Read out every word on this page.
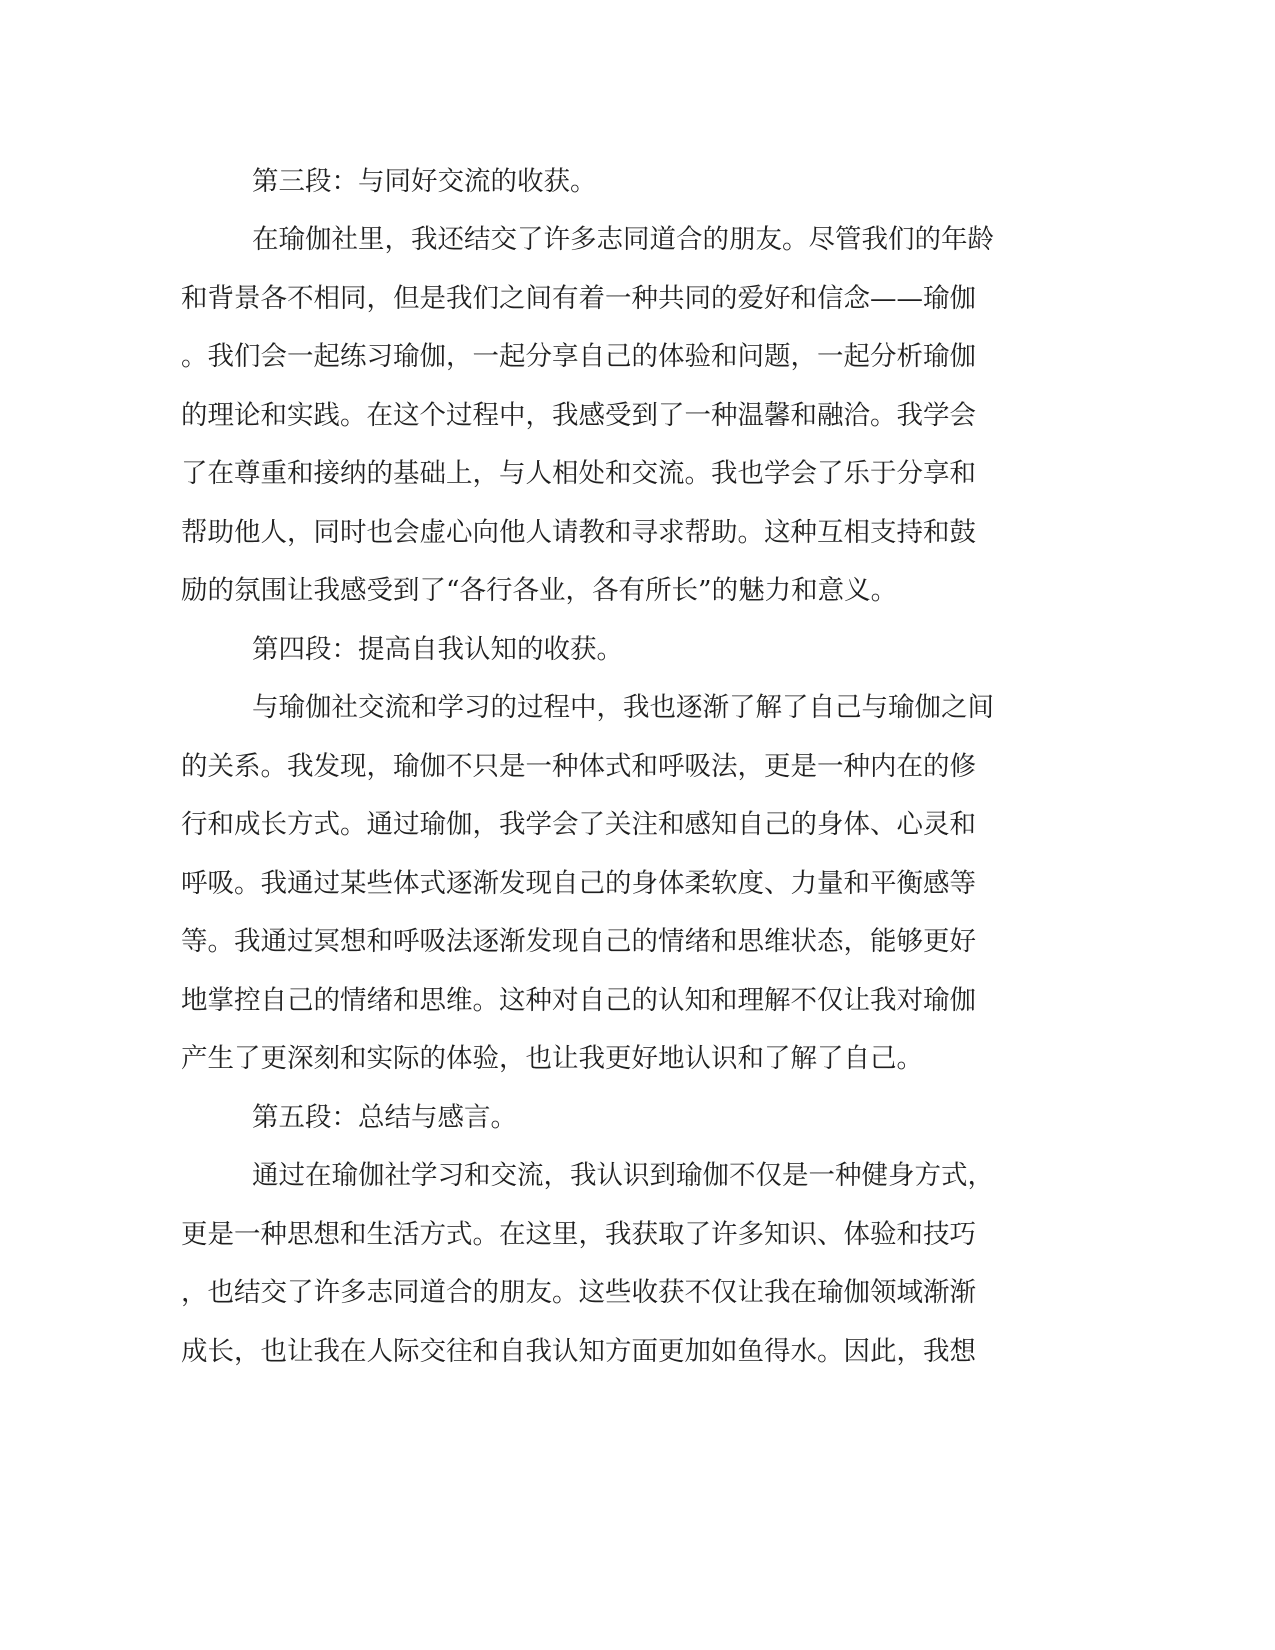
第三段：与同好交流的收获。
在瑜伽社里，我还结交了许多志同道合的朋友。尽管我们的年龄
和背景各不相同，但是我们之间有着一种共同的爱好和信念——瑜伽
。我们会一起练习瑜伽，一起分享自己的体验和问题，一起分析瑜伽
的理论和实践。在这个过程中，我感受到了一种温馨和融洽。我学会
了在尊重和接纳的基础上，与人相处和交流。我也学会了乐于分享和
帮助他人，同时也会虚心向他人请教和寻求帮助。这种互相支持和鼓
励的氛围让我感受到了“各行各业，各有所长”的魅力和意义。
第四段：提高自我认知的收获。
与瑜伽社交流和学习的过程中，我也逐渐了解了自己与瑜伽之间
的关系。我发现，瑜伽不只是一种体式和呼吸法，更是一种内在的修
行和成长方式。通过瑜伽，我学会了关注和感知自己的身体、心灵和
呼吸。我通过某些体式逐渐发现自己的身体柔软度、力量和平衡感等
等。我通过冥想和呼吸法逐渐发现自己的情绪和思维状态，能够更好
地掌控自己的情绪和思维。这种对自己的认知和理解不仅让我对瑜伽
产生了更深刻和实际的体验，也让我更好地认识和了解了自己。
第五段：总结与感言。
通过在瑜伽社学习和交流，我认识到瑜伽不仅是一种健身方式，
更是一种思想和生活方式。在这里，我获取了许多知识、体验和技巧
，也结交了许多志同道合的朋友。这些收获不仅让我在瑜伽领域渐渐
成长，也让我在人际交往和自我认知方面更加如鱼得水。因此，我想
